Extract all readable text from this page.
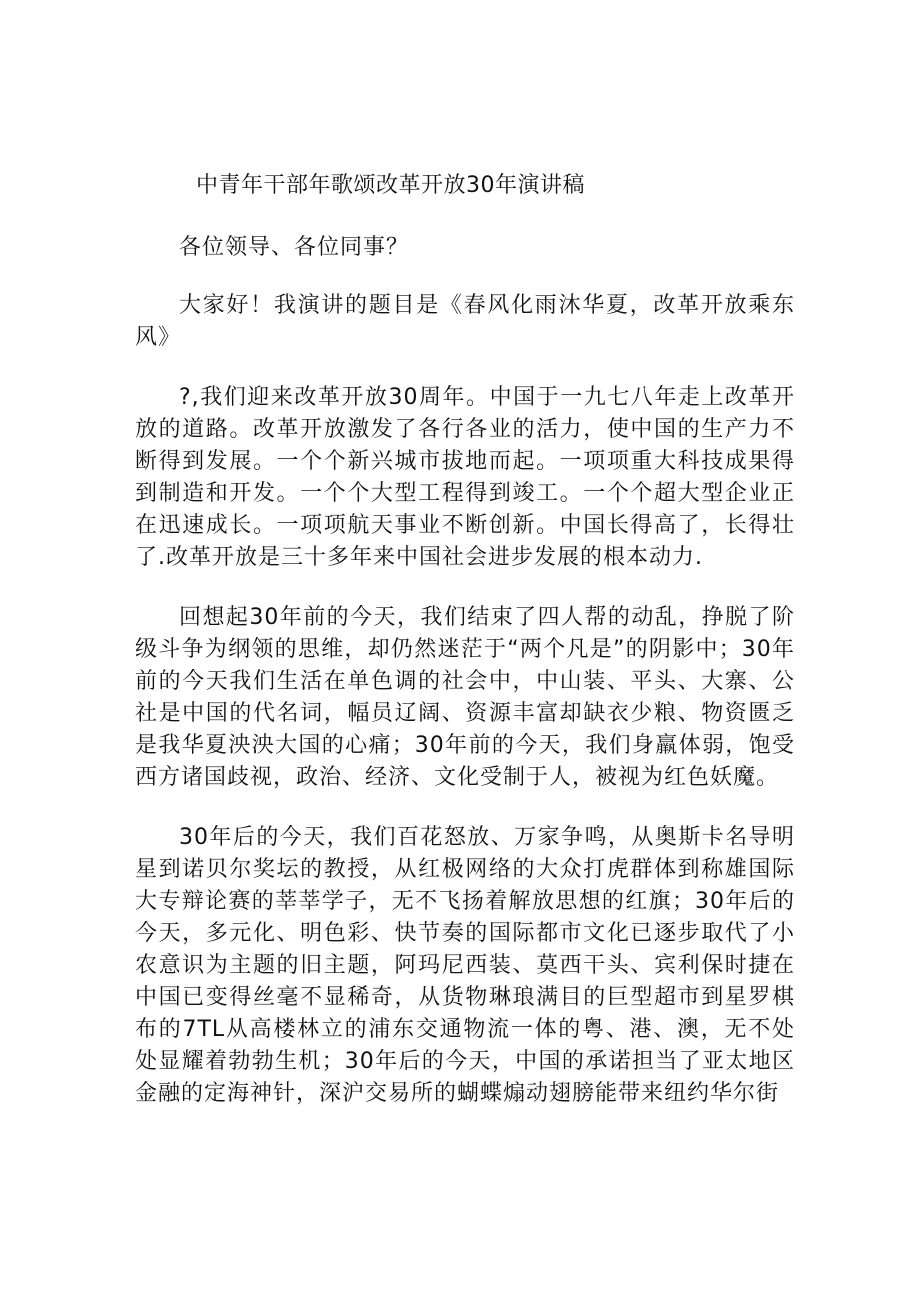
中青年干部年歌颂改革开放30年演讲稿

各位领导、各位同事？

大家好！我演讲的题目是《春风化雨沐华夏，改革开放乘东风》

?,我们迎来改革开放30周年。中国于一九七八年走上改革开放的道路。改革开放激发了各行各业的活力，使中国的生产力不断得到发展。一个个新兴城市拔地而起。一项项重大科技成果得到制造和开发。一个个大型工程得到竣工。一个个超大型企业正在迅速成长。一项项航天事业不断创新。中国长得高了，长得壮了.改革开放是三十多年来中国社会进步发展的根本动力.

回想起30年前的今天，我们结束了四人帮的动乱，挣脱了阶级斗争为纲领的思维，却仍然迷茫于“两个凡是”的阴影中；30年前的今天我们生活在单色调的社会中，中山装、平头、大寨、公社是中国的代名词，幅员辽阔、资源丰富却缺衣少粮、物资匮乏是我华夏泱泱大国的心痛；30年前的今天，我们身羸体弱，饱受西方诸国歧视，政治、经济、文化受制于人，被视为红色妖魔。

30年后的今天，我们百花怒放、万家争鸣，从奥斯卡名导明星到诺贝尔奖坛的教授，从红极网络的大众打虎群体到称雄国际大专辩论赛的莘莘学子，无不飞扬着解放思想的红旗；30年后的今天，多元化、明色彩、快节奏的国际都市文化已逐步取代了小农意识为主题的旧主题，阿玛尼西装、莫西干头、宾利保时捷在中国已变得丝毫不显稀奇，从货物琳琅满目的巨型超市到星罗棋布的7TL从高楼林立的浦东交通物流一体的粤、港、澳，无不处处显耀着勃勃生机；30年后的今天，中国的承诺担当了亚太地区金融的定海神针，深沪交易所的蝴蝶煽动翅膀能带来纽约华尔街
